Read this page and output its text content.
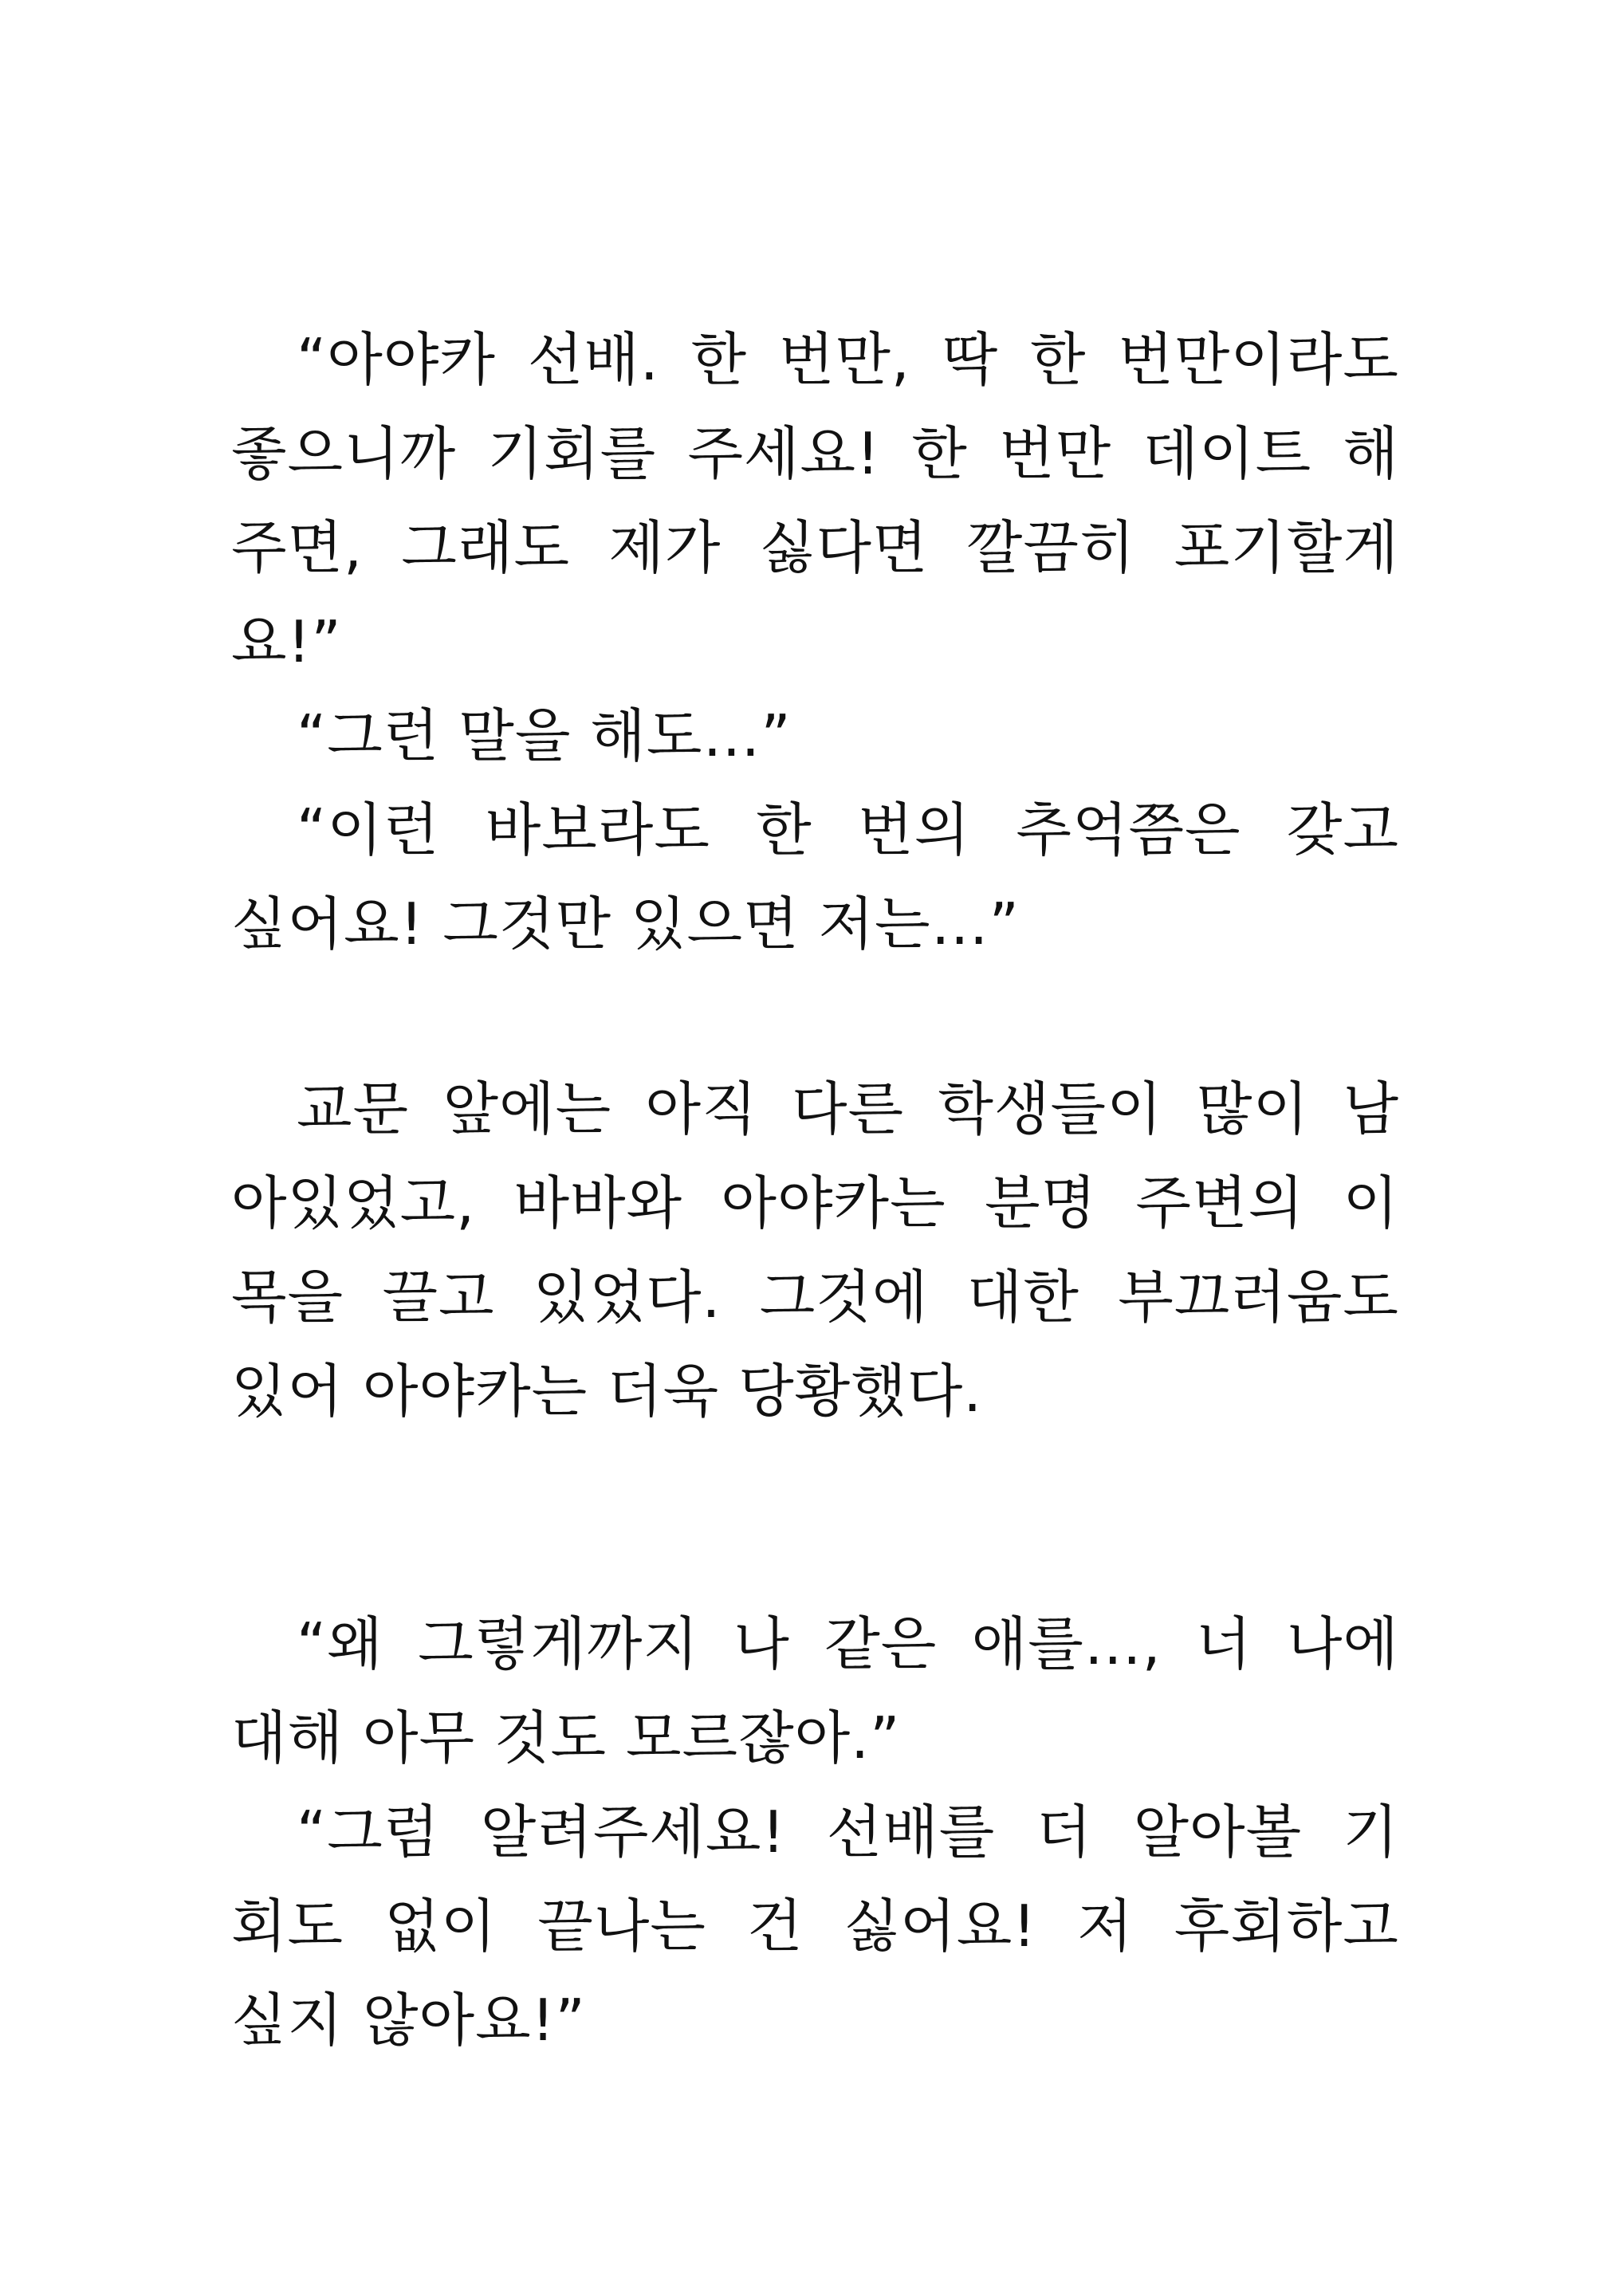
“아야카 선배. 한 번만, 딱 한 번만이라도
좋으니까 기회를 주세요! 한 번만 데이트 해
주면, 그래도 제가 싫다면 깔끔히 포기할게
요!”
“그런 말을 해도…”
“이런 바보라도 한 번의 추억쯤은 갖고
싶어요! 그것만 있으면 저는…”
교문 앞에는 아직 다른 학생들이 많이 남
아있었고, 바바와 아야카는 분명 주변의 이
목을 끌고 있었다. 그것에 대한 부끄러움도
있어 아야카는 더욱 당황했다.
“왜 그렇게까지 나 같은 애를…, 너 나에
대해 아무 것도 모르잖아.”
“그럼 알려주세요! 선배를 더 알아볼 기
회도 없이 끝나는 건 싫어요! 저 후회하고
싶지 않아요!”
